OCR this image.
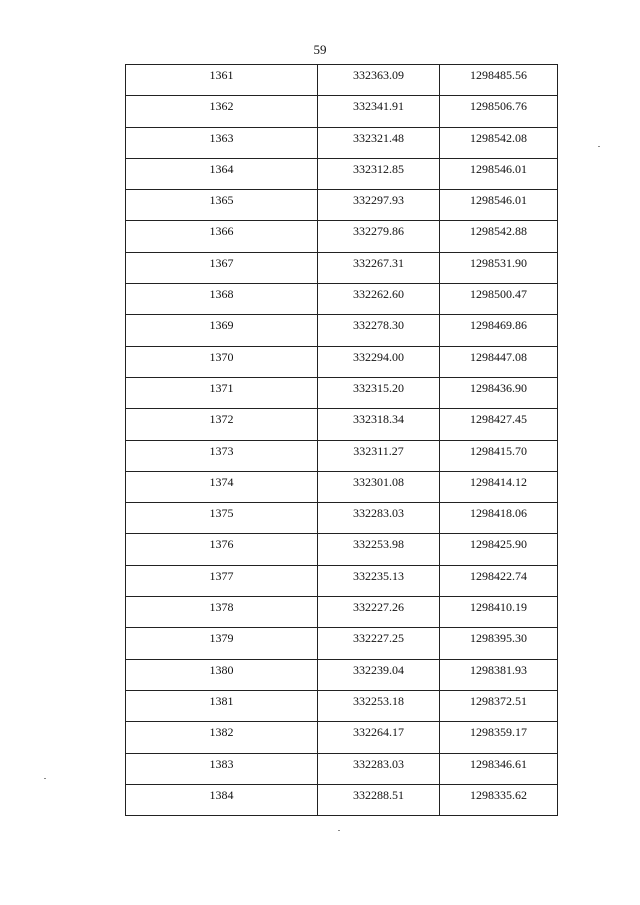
59
1361	332363.09	1298485.56

1362	332341.91	1298506.76

1363	332321.48	1298542.08

1364	332312.85	1298546.01

1365	332297.93	1298546.01

1366	332279.86	1298542.88

1367	332267.31	1298531.90

1368	332262.60	1298500.47

1369	332278.30	1298469.86

1370	332294.00	1298447.08

1371	332315.20	1298436.90

1372	332318.34	1298427.45

1373	332311.27	1298415.70

1374	332301.08	1298414.12

1375	332283.03	1298418.06

1376	332253.98	1298425.90

1377	332235.13	1298422.74

1378	332227.26	1298410.19

1379	332227.25	1298395.30

1380	332239.04	1298381.93

1381	332253.18	1298372.51

1382	332264.17	1298359.17

1383	332283.03	1298346.61

1384	332288.51	1298335.62
